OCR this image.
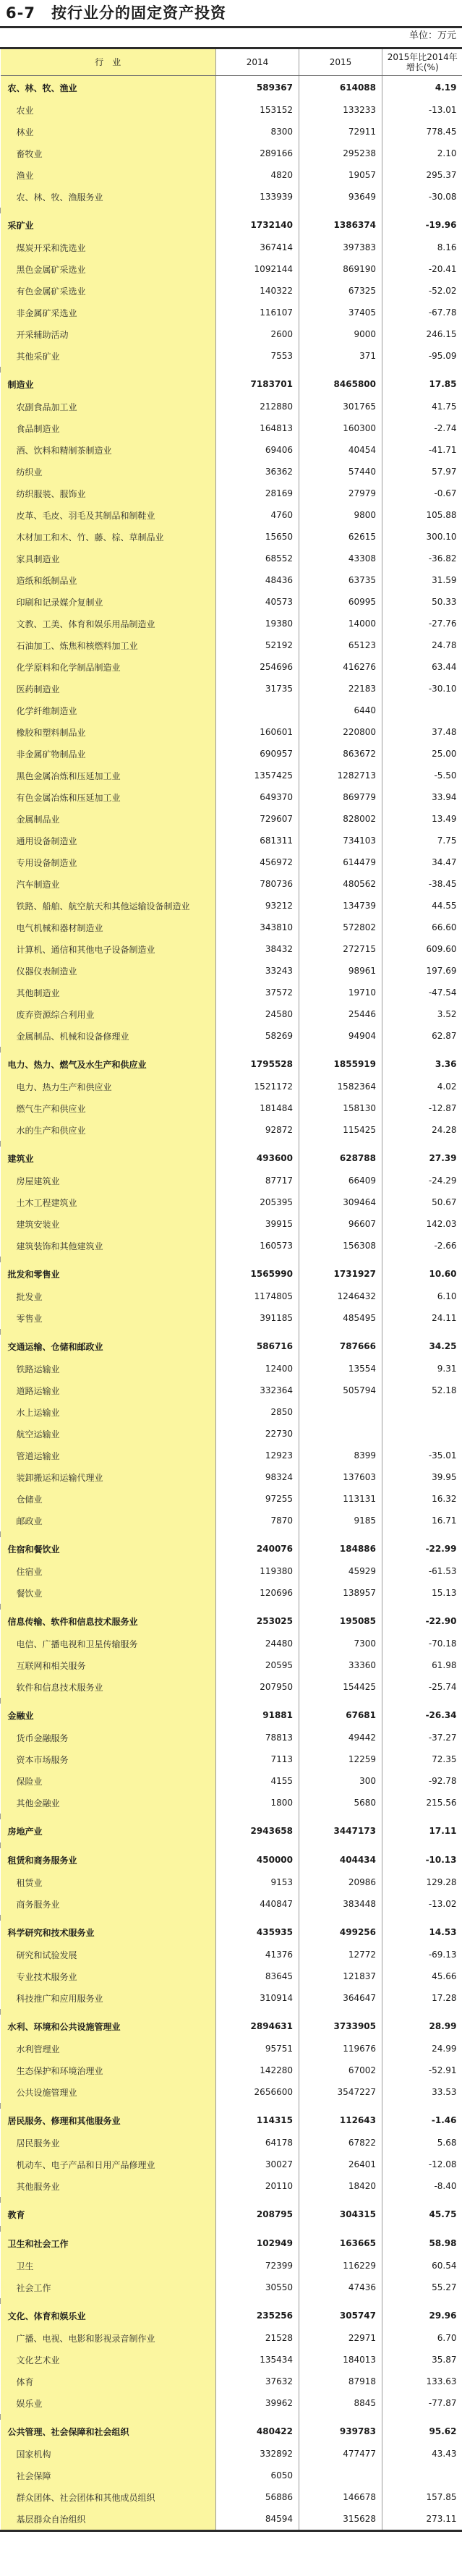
6-7　按行业分的固定资产投资
单位：万元
行　业	2014	2015	2015年比2014年
增长(%)
农、林、牧、渔业	589367	614088	4.19
农业	153152	133233	-13.01
林业	8300	72911	778.45
畜牧业	289166	295238	2.10
渔业	4820	19057	295.37
农、林、牧、渔服务业	133939	93649	-30.08

采矿业	1732140	1386374	-19.96
煤炭开采和洗选业	367414	397383	8.16
黑色金属矿采选业	1092144	869190	-20.41
有色金属矿采选业	140322	67325	-52.02
非金属矿采选业	116107	37405	-67.78
开采辅助活动	2600	9000	246.15
其他采矿业	7553	371	-95.09

制造业	7183701	8465800	17.85
农副食品加工业	212880	301765	41.75
食品制造业	164813	160300	-2.74
酒、饮料和精制茶制造业	69406	40454	-41.71
纺织业	36362	57440	57.97
纺织服装、服饰业	28169	27979	-0.67
皮革、毛皮、羽毛及其制品和制鞋业	4760	9800	105.88
木材加工和木、竹、藤、棕、草制品业	15650	62615	300.10
家具制造业	68552	43308	-36.82
造纸和纸制品业	48436	63735	31.59
印刷和记录媒介复制业	40573	60995	50.33
文教、工美、体育和娱乐用品制造业	19380	14000	-27.76
石油加工、炼焦和核燃料加工业	52192	65123	24.78
化学原料和化学制品制造业	254696	416276	63.44
医药制造业	31735	22183	-30.10
化学纤维制造业		6440	
橡胶和塑料制品业	160601	220800	37.48
非金属矿物制品业	690957	863672	25.00
黑色金属冶炼和压延加工业	1357425	1282713	-5.50
有色金属冶炼和压延加工业	649370	869779	33.94
金属制品业	729607	828002	13.49
通用设备制造业	681311	734103	7.75
专用设备制造业	456972	614479	34.47
汽车制造业	780736	480562	-38.45
铁路、船舶、航空航天和其他运输设备制造业	93212	134739	44.55
电气机械和器材制造业	343810	572802	66.60
计算机、通信和其他电子设备制造业	38432	272715	609.60
仪器仪表制造业	33243	98961	197.69
其他制造业	37572	19710	-47.54
废弃资源综合利用业	24580	25446	3.52
金属制品、机械和设备修理业	58269	94904	62.87

电力、热力、燃气及水生产和供应业	1795528	1855919	3.36
电力、热力生产和供应业	1521172	1582364	4.02
燃气生产和供应业	181484	158130	-12.87
水的生产和供应业	92872	115425	24.28

建筑业	493600	628788	27.39
房屋建筑业	87717	66409	-24.29
土木工程建筑业	205395	309464	50.67
建筑安装业	39915	96607	142.03
建筑装饰和其他建筑业	160573	156308	-2.66

批发和零售业	1565990	1731927	10.60
批发业	1174805	1246432	6.10
零售业	391185	485495	24.11

交通运输、仓储和邮政业	586716	787666	34.25
铁路运输业	12400	13554	9.31
道路运输业	332364	505794	52.18
水上运输业	2850		
航空运输业	22730		
管道运输业	12923	8399	-35.01
装卸搬运和运输代理业	98324	137603	39.95
仓储业	97255	113131	16.32
邮政业	7870	9185	16.71

住宿和餐饮业	240076	184886	-22.99
住宿业	119380	45929	-61.53
餐饮业	120696	138957	15.13

信息传输、软件和信息技术服务业	253025	195085	-22.90
电信、广播电视和卫星传输服务	24480	7300	-70.18
互联网和相关服务	20595	33360	61.98
软件和信息技术服务业	207950	154425	-25.74

金融业	91881	67681	-26.34
货币金融服务	78813	49442	-37.27
资本市场服务	7113	12259	72.35
保险业	4155	300	-92.78
其他金融业	1800	5680	215.56

房地产业	2943658	3447173	17.11

租赁和商务服务业	450000	404434	-10.13
租赁业	9153	20986	129.28
商务服务业	440847	383448	-13.02

科学研究和技术服务业	435935	499256	14.53
研究和试验发展	41376	12772	-69.13
专业技术服务业	83645	121837	45.66
科技推广和应用服务业	310914	364647	17.28

水利、环境和公共设施管理业	2894631	3733905	28.99
水利管理业	95751	119676	24.99
生态保护和环境治理业	142280	67002	-52.91
公共设施管理业	2656600	3547227	33.53

居民服务、修理和其他服务业	114315	112643	-1.46
居民服务业	64178	67822	5.68
机动车、电子产品和日用产品修理业	30027	26401	-12.08
其他服务业	20110	18420	-8.40

教育	208795	304315	45.75

卫生和社会工作	102949	163665	58.98
卫生	72399	116229	60.54
社会工作	30550	47436	55.27

文化、体育和娱乐业	235256	305747	29.96
广播、电视、电影和影视录音制作业	21528	22971	6.70
文化艺术业	135434	184013	35.87
体育	37632	87918	133.63
娱乐业	39962	8845	-77.87

公共管理、社会保障和社会组织	480422	939783	95.62
国家机构	332892	477477	43.43
社会保障	6050		
群众团体、社会团体和其他成员组织	56886	146678	157.85
基层群众自治组织	84594	315628	273.11
